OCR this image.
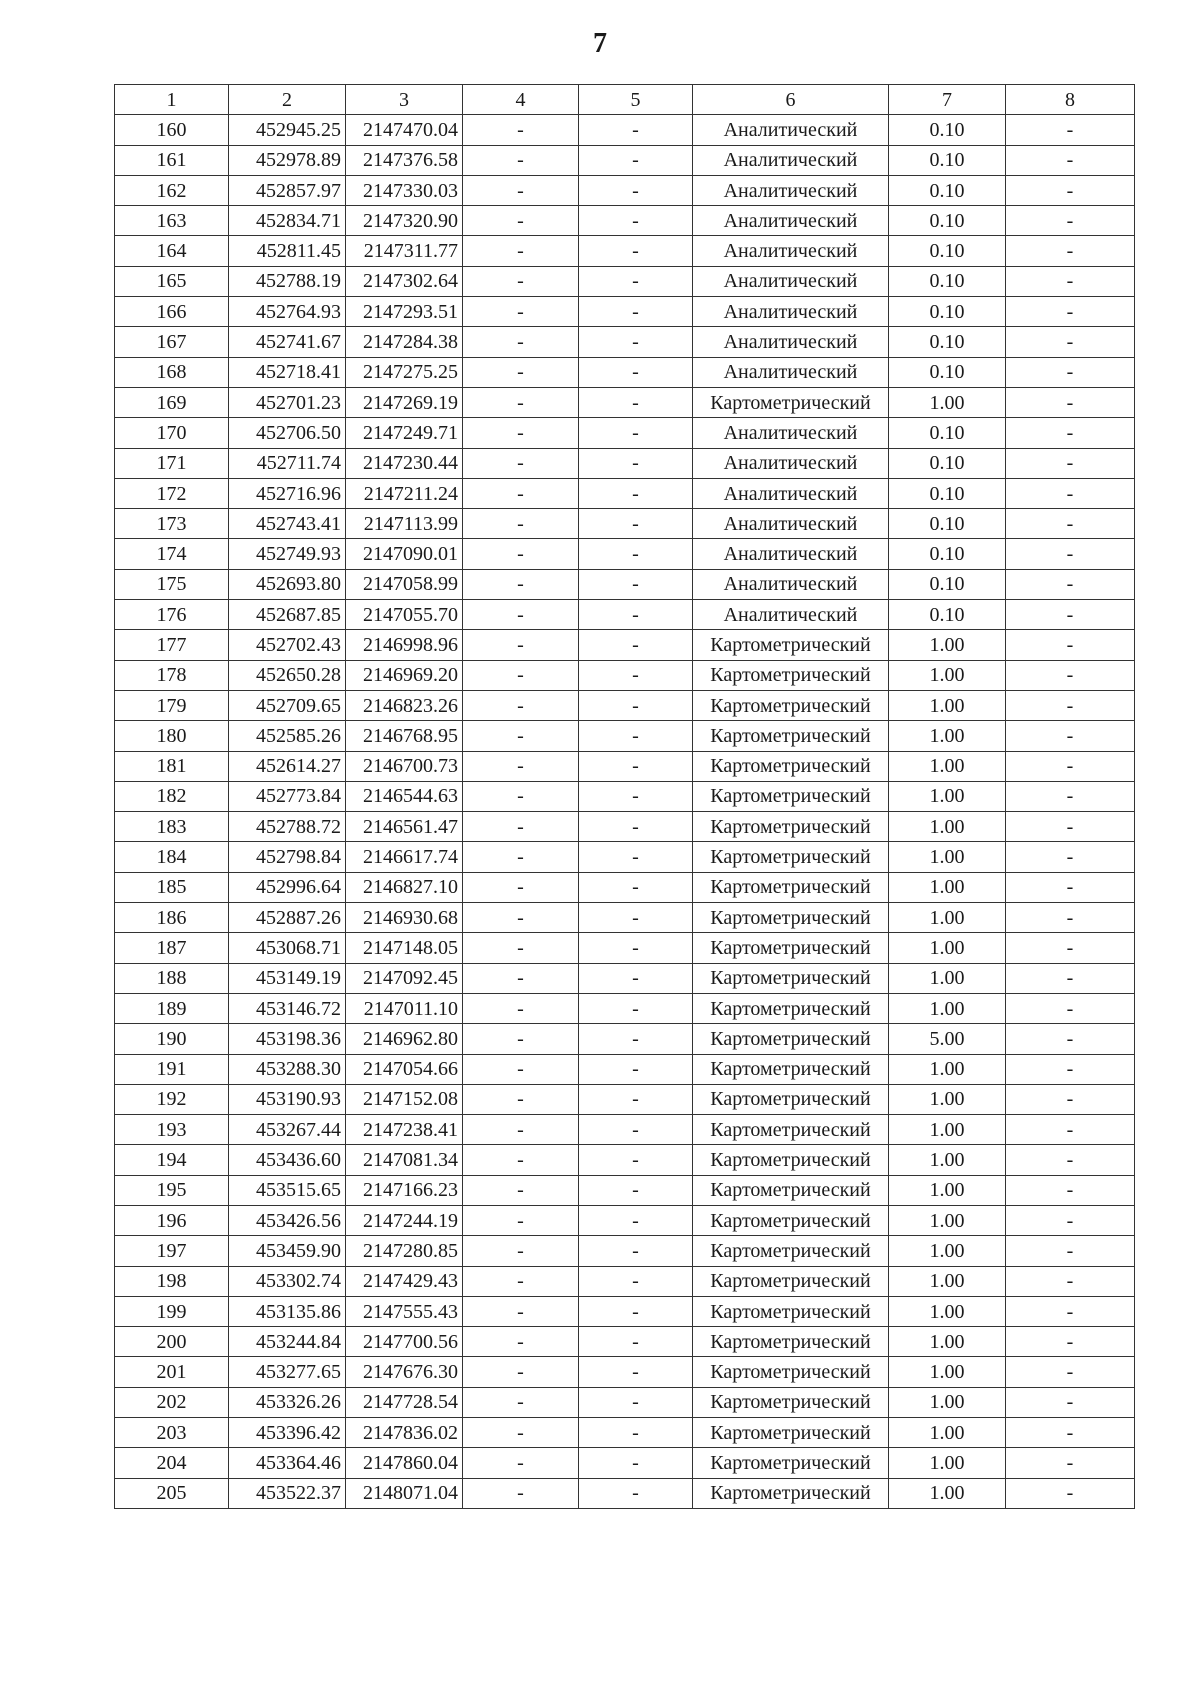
7
1	2	3	4	5	6	7	8
160	452945.25	2147470.04	-	-	Аналитический	0.10	-
161	452978.89	2147376.58	-	-	Аналитический	0.10	-
162	452857.97	2147330.03	-	-	Аналитический	0.10	-
163	452834.71	2147320.90	-	-	Аналитический	0.10	-
164	452811.45	2147311.77	-	-	Аналитический	0.10	-
165	452788.19	2147302.64	-	-	Аналитический	0.10	-
166	452764.93	2147293.51	-	-	Аналитический	0.10	-
167	452741.67	2147284.38	-	-	Аналитический	0.10	-
168	452718.41	2147275.25	-	-	Аналитический	0.10	-
169	452701.23	2147269.19	-	-	Картометрический	1.00	-
170	452706.50	2147249.71	-	-	Аналитический	0.10	-
171	452711.74	2147230.44	-	-	Аналитический	0.10	-
172	452716.96	2147211.24	-	-	Аналитический	0.10	-
173	452743.41	2147113.99	-	-	Аналитический	0.10	-
174	452749.93	2147090.01	-	-	Аналитический	0.10	-
175	452693.80	2147058.99	-	-	Аналитический	0.10	-
176	452687.85	2147055.70	-	-	Аналитический	0.10	-
177	452702.43	2146998.96	-	-	Картометрический	1.00	-
178	452650.28	2146969.20	-	-	Картометрический	1.00	-
179	452709.65	2146823.26	-	-	Картометрический	1.00	-
180	452585.26	2146768.95	-	-	Картометрический	1.00	-
181	452614.27	2146700.73	-	-	Картометрический	1.00	-
182	452773.84	2146544.63	-	-	Картометрический	1.00	-
183	452788.72	2146561.47	-	-	Картометрический	1.00	-
184	452798.84	2146617.74	-	-	Картометрический	1.00	-
185	452996.64	2146827.10	-	-	Картометрический	1.00	-
186	452887.26	2146930.68	-	-	Картометрический	1.00	-
187	453068.71	2147148.05	-	-	Картометрический	1.00	-
188	453149.19	2147092.45	-	-	Картометрический	1.00	-
189	453146.72	2147011.10	-	-	Картометрический	1.00	-
190	453198.36	2146962.80	-	-	Картометрический	5.00	-
191	453288.30	2147054.66	-	-	Картометрический	1.00	-
192	453190.93	2147152.08	-	-	Картометрический	1.00	-
193	453267.44	2147238.41	-	-	Картометрический	1.00	-
194	453436.60	2147081.34	-	-	Картометрический	1.00	-
195	453515.65	2147166.23	-	-	Картометрический	1.00	-
196	453426.56	2147244.19	-	-	Картометрический	1.00	-
197	453459.90	2147280.85	-	-	Картометрический	1.00	-
198	453302.74	2147429.43	-	-	Картометрический	1.00	-
199	453135.86	2147555.43	-	-	Картометрический	1.00	-
200	453244.84	2147700.56	-	-	Картометрический	1.00	-
201	453277.65	2147676.30	-	-	Картометрический	1.00	-
202	453326.26	2147728.54	-	-	Картометрический	1.00	-
203	453396.42	2147836.02	-	-	Картометрический	1.00	-
204	453364.46	2147860.04	-	-	Картометрический	1.00	-
205	453522.37	2148071.04	-	-	Картометрический	1.00	-
